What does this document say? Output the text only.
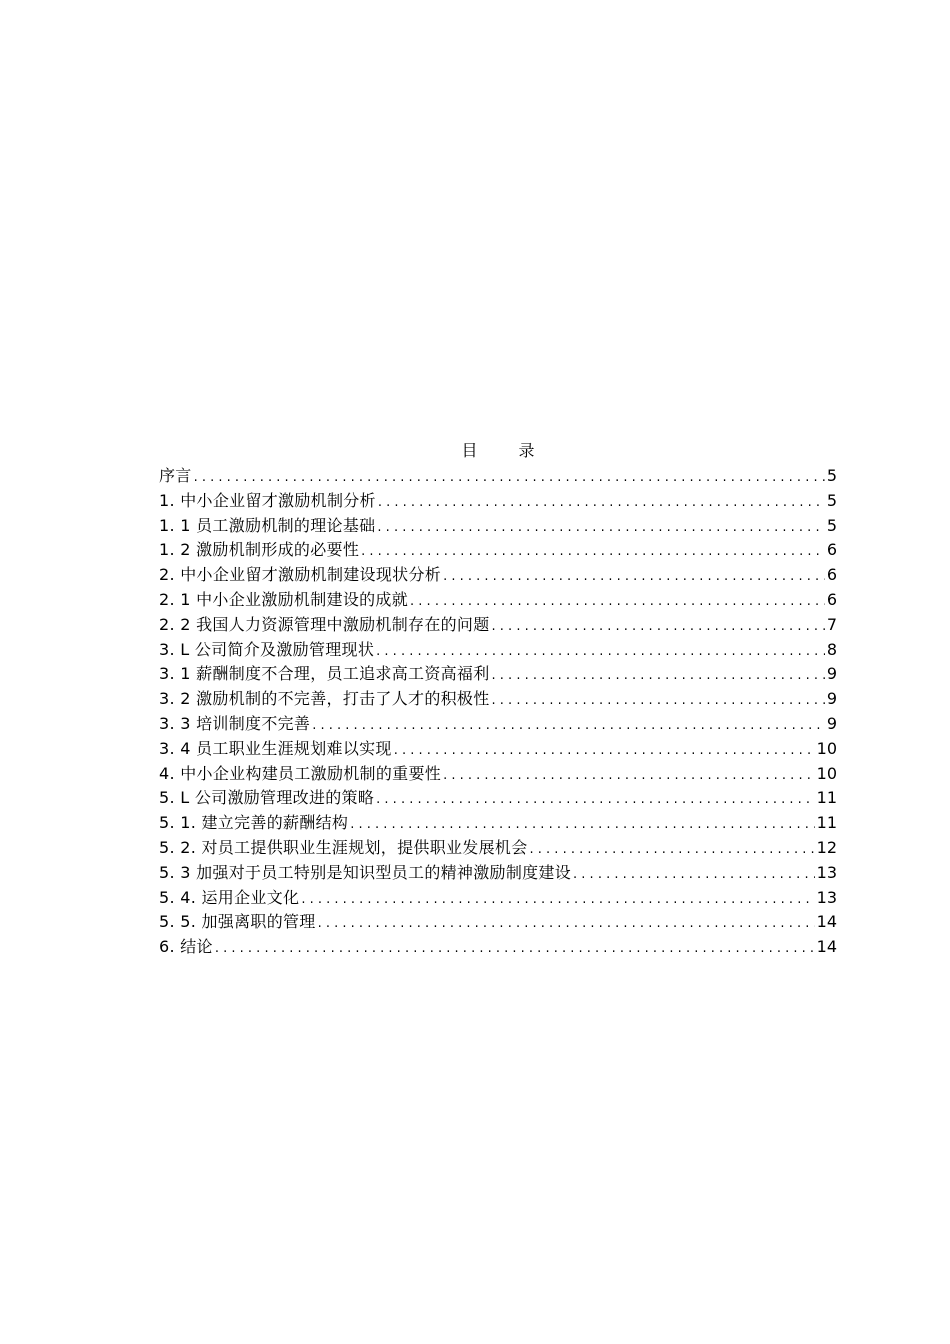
目 录
序言 . . .	5
1. 中小企业留才激励机制分析 . . .	5
1. 1 员工激励机制的理论基础 . . .	5
1. 2 激励机制形成的必要性 . . .	6
2. 中小企业留才激励机制建设现状分析 . . .	6
2. 1 中小企业激励机制建设的成就 . . .	6
2. 2 我国人力资源管理中激励机制存在的问题 . . .	7
3. L 公司简介及激励管理现状 . . .	8
3. 1 薪酬制度不合理，员工追求高工资高福利 . . .	9
3. 2 激励机制的不完善，打击了人才的积极性 . . .	9
3. 3 培训制度不完善 . . .	9
3. 4 员工职业生涯规划难以实现 . . .	10
4. 中小企业构建员工激励机制的重要性 . . .	10
5. L 公司激励管理改进的策略 . . .	11
5. 1. 建立完善的薪酬结构 . . .	11
5. 2. 对员工提供职业生涯规划，提供职业发展机会 . . .	12
5. 3 加强对于员工特别是知识型员工的精神激励制度建设 . . .	13
5. 4. 运用企业文化 . . .	13
5. 5. 加强离职的管理 . . .	14
6. 结论 . . .	14
